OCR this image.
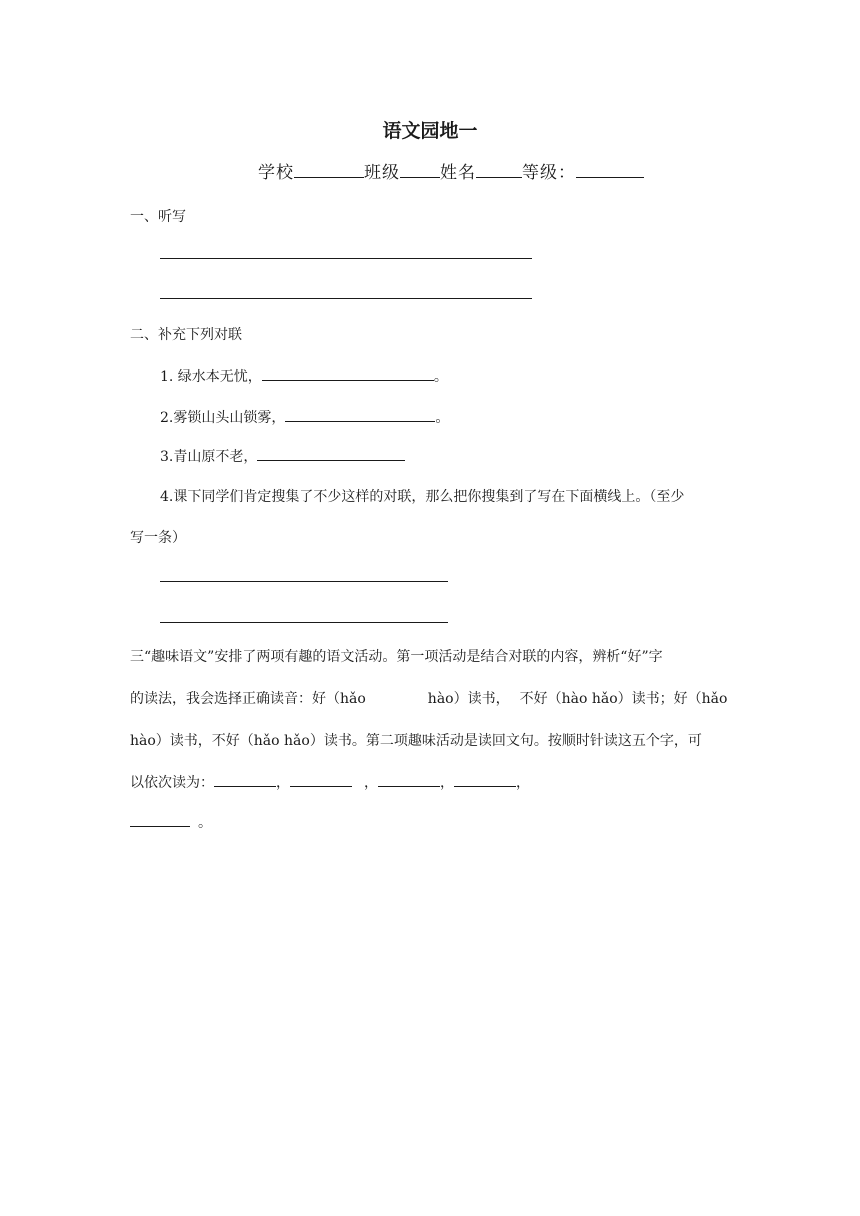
语文园地一
学校	班级 姓名	等级：
一、听写
二、补充下列对联
1. 绿水本无忧，	。
2.雾锁山头山锁雾，	。
3.青山原不老，
4.课下同学们肯定搜集了不少这样的对联，那么把你搜集到了写在下面横线上。（至少
写一条）
三“趣味语文”安排了两项有趣的语文活动。第一项活动是结合对联的内容，辨析“好”字
的读法，我会选择正确读音：好（hǎo	hào）读书， 不好（hào hǎo）读书；好（hǎo
hào）读书，不好（hǎo hǎo）读书。第二项趣味活动是读回文句。按顺时针读这五个字，可
以依次读为：	，	，	，	，
。
